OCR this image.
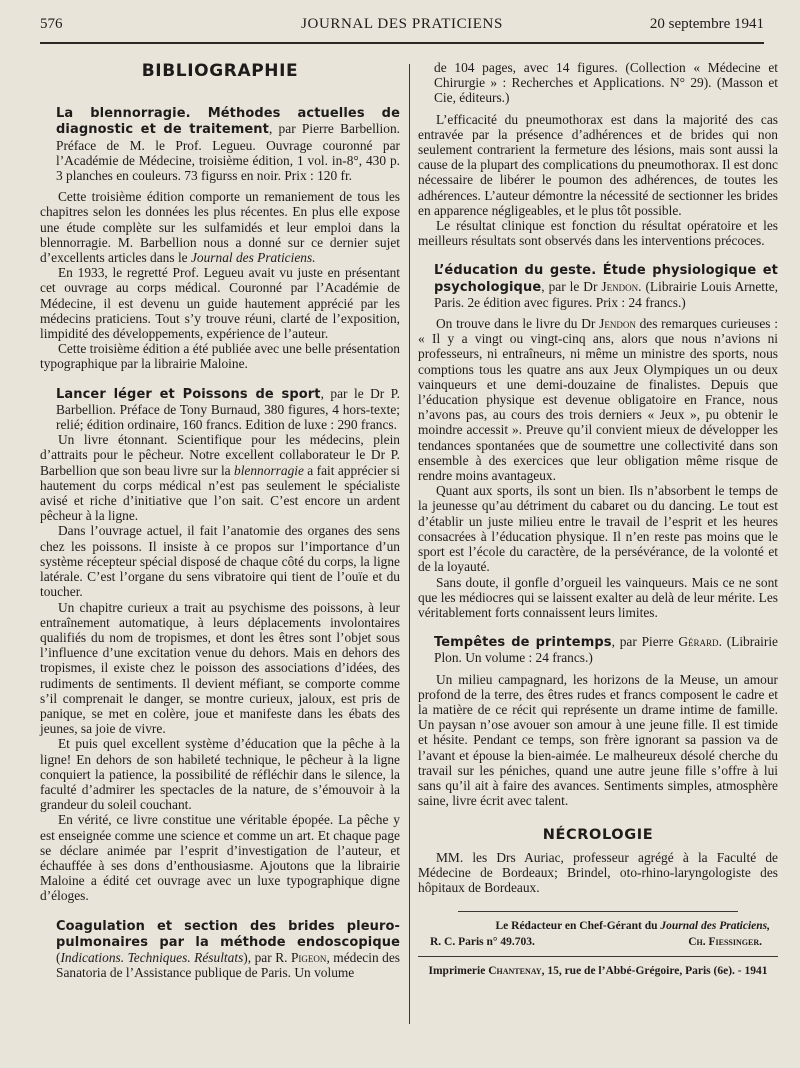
576	JOURNAL DES PRATICIENS	20 septembre 1941
BIBLIOGRAPHIE

La blennorragie. Méthodes actuelles de diagnostic et de traitement, par Pierre Barbellion. Préface de M. le Prof. Legueu. Ouvrage couronné par l’Académie de Médecine, troisième édition, 1 vol. in-8°, 430 p. 3 planches en couleurs. 73 figurss en noir. Prix : 120 fr.

Cette troisième édition comporte un remaniement de tous les chapitres selon les données les plus récentes. En plus elle expose une étude complète sur les sulfamidés et leur emploi dans la blennorragie. M. Barbellion nous a donné sur ce dernier sujet d’excellents articles dans le Journal des Praticiens.

En 1933, le regretté Prof. Legueu avait vu juste en présentant cet ouvrage au corps médical. Couronné par l’Académie de Médecine, il est devenu un guide hautement apprécié par les médecins praticiens. Tout s’y trouve réuni, clarté de l’exposition, limpidité des développements, expérience de l’auteur.

Cette troisième édition a été publiée avec une belle présentation typographique par la librairie Maloine.

Lancer léger et Poissons de sport, par le Dr P. Barbellion. Préface de Tony Burnaud, 380 figures, 4 hors-texte; relié; édition ordinaire, 160 francs. Edition de luxe : 290 francs.

Un livre étonnant. Scientifique pour les médecins, plein d’attraits pour le pêcheur. Notre excellent collaborateur le Dr P. Barbellion que son beau livre sur la blennorragie a fait apprécier si hautement du corps médical n’est pas seulement le spécialiste avisé et riche d’initiative que l’on sait. C’est encore un ardent pêcheur à la ligne.

Dans l’ouvrage actuel, il fait l’anatomie des organes des sens chez les poissons. Il insiste à ce propos sur l’importance d’un système récepteur spécial disposé de chaque côté du corps, la ligne latérale. C’est l’organe du sens vibratoire qui tient de l’ouïe et du toucher.

Un chapitre curieux a trait au psychisme des poissons, à leur entraînement automatique, à leurs déplacements involontaires qualifiés du nom de tropismes, et dont les êtres sont l’objet sous l’influence d’une excitation venue du dehors. Mais en dehors des tropismes, il existe chez le poisson des associations d’idées, des rudiments de sentiments. Il devient méfiant, se comporte comme s’il comprenait le danger, se montre curieux, jaloux, est pris de panique, se met en colère, joue et manifeste dans les ébats des jeunes, sa joie de vivre.

Et puis quel excellent système d’éducation que la pêche à la ligne! En dehors de son habileté technique, le pêcheur à la ligne conquiert la patience, la possibilité de réfléchir dans le silence, la faculté d’admirer les spectacles de la nature, de s’émouvoir à la grandeur du soleil couchant.

En vérité, ce livre constitue une véritable épopée. La pêche y est enseignée comme une science et comme un art. Et chaque page se déclare animée par l’esprit d’investigation de l’auteur, et échauffée à ses dons d’enthousiasme. Ajoutons que la librairie Maloine a édité cet ouvrage avec un luxe typographique digne d’éloges.

Coagulation et section des brides pleuro-pulmonaires par la méthode endoscopique (Indications. Techniques. Résultats), par R. Pigeon, médecin des Sanatoria de l’Assistance publique de Paris. Un volume

de 104 pages, avec 14 figures. (Collection « Médecine et Chirurgie » : Recherches et Applications. N° 29). (Masson et Cie, éditeurs.)

L’efficacité du pneumothorax est dans la majorité des cas entravée par la présence d’adhérences et de brides qui non seulement contrarient la fermeture des lésions, mais sont aussi la cause de la plupart des complications du pneumothorax. Il est donc nécessaire de libérer le poumon des adhérences, de toutes les adhérences. L’auteur démontre la nécessité de sectionner les brides en apparence négligeables, et le plus tôt possible.

Le résultat clinique est fonction du résultat opératoire et les meilleurs résultats sont observés dans les interventions précoces.

L’éducation du geste. Étude physiologique et psychologique, par le Dr Jendon. (Librairie Louis Arnette, Paris. 2e édition avec figures. Prix : 24 francs.)

On trouve dans le livre du Dr Jendon des remarques curieuses : « Il y a vingt ou vingt-cinq ans, alors que nous n’avions ni professeurs, ni entraîneurs, ni même un ministre des sports, nous comptions tous les quatre ans aux Jeux Olympiques un ou deux vainqueurs et une demi-douzaine de finalistes. Depuis que l’éducation physique est devenue obligatoire en France, nous n’avons pas, au cours des trois derniers « Jeux », pu obtenir le moindre accessit ». Preuve qu’il convient mieux de développer les tendances spontanées que de soumettre une collectivité dans son ensemble à des exercices que leur obligation même risque de rendre moins avantageux.

Quant aux sports, ils sont un bien. Ils n’absorbent le temps de la jeunesse qu’au détriment du cabaret ou du dancing. Le tout est d’établir un juste milieu entre le travail de l’esprit et les heures consacrées à l’éducation physique. Il n’en reste pas moins que le sport est l’école du caractère, de la persévérance, de la volonté et de la loyauté.

Sans doute, il gonfle d’orgueil les vainqueurs. Mais ce ne sont que les médiocres qui se laissent exalter au delà de leur mérite. Les véritablement forts connaissent leurs limites.

Tempêtes de printemps, par Pierre Gérard. (Librairie Plon. Un volume : 24 francs.)

Un milieu campagnard, les horizons de la Meuse, un amour profond de la terre, des êtres rudes et francs composent le cadre et la matière de ce récit qui représente un drame intime de famille. Un paysan n’ose avouer son amour à une jeune fille. Il est timide et hésite. Pendant ce temps, son frère ignorant sa passion va de l’avant et épouse la bien-aimée. Le malheureux désolé cherche du travail sur les péniches, quand une autre jeune fille s’offre à lui sans qu’il ait à faire des avances. Sentiments simples, atmosphère saine, livre écrit avec talent.

NÉCROLOGIE

MM. les Drs Auriac, professeur agrégé à la Faculté de Médecine de Bordeaux; Brindel, oto-rhino-laryngologiste des hôpitaux de Bordeaux.

Le Rédacteur en Chef-Gérant du Journal des Praticiens,
R. C. Paris n° 49.703.	Ch. Fiessinger.
Imprimerie Chantenay, 15, rue de l’Abbé-Grégoire, Paris (6e). - 1941
